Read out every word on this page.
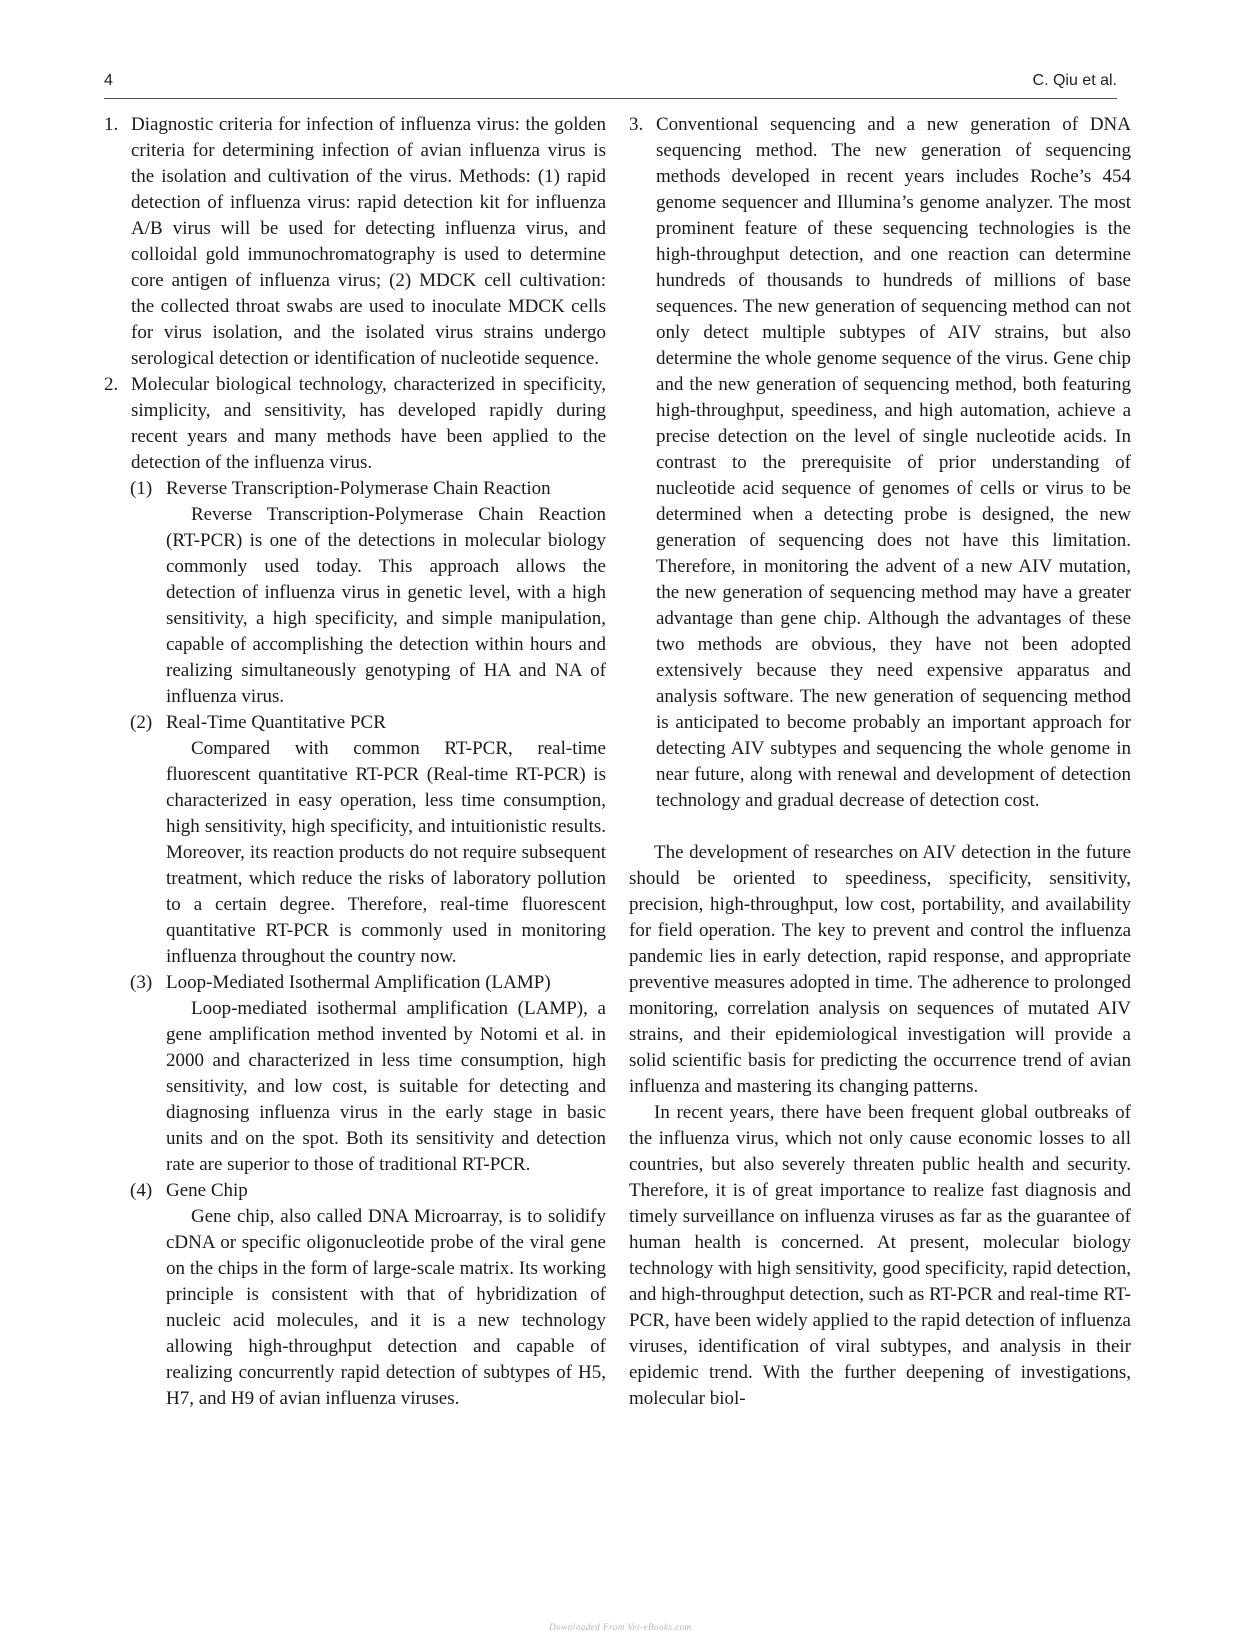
4	C. Qiu et al.
1. Diagnostic criteria for infection of influenza virus: the golden criteria for determining infection of avian influenza virus is the isolation and cultivation of the virus. Methods: (1) rapid detection of influenza virus: rapid detection kit for influenza A/B virus will be used for detecting influenza virus, and colloidal gold immunochromatography is used to determine core antigen of influenza virus; (2) MDCK cell cultivation: the collected throat swabs are used to inoculate MDCK cells for virus isolation, and the isolated virus strains undergo serological detection or identification of nucleotide sequence.
2. Molecular biological technology, characterized in specificity, simplicity, and sensitivity, has developed rapidly during recent years and many methods have been applied to the detection of the influenza virus.
(1) Reverse Transcription-Polymerase Chain Reaction

Reverse Transcription-Polymerase Chain Reaction (RT-PCR) is one of the detections in molecular biology commonly used today. This approach allows the detection of influenza virus in genetic level, with a high sensitivity, a high specificity, and simple manipulation, capable of accomplishing the detection within hours and realizing simultaneously genotyping of HA and NA of influenza virus.

(2) Real-Time Quantitative PCR

Compared with common RT-PCR, real-time fluorescent quantitative RT-PCR (Real-time RT-PCR) is characterized in easy operation, less time consumption, high sensitivity, high specificity, and intuitionistic results. Moreover, its reaction products do not require subsequent treatment, which reduce the risks of laboratory pollution to a certain degree. Therefore, real-time fluorescent quantitative RT-PCR is commonly used in monitoring influenza throughout the country now.

(3) Loop-Mediated Isothermal Amplification (LAMP)

Loop-mediated isothermal amplification (LAMP), a gene amplification method invented by Notomi et al. in 2000 and characterized in less time consumption, high sensitivity, and low cost, is suitable for detecting and diagnosing influenza virus in the early stage in basic units and on the spot. Both its sensitivity and detection rate are superior to those of traditional RT-PCR.

(4) Gene Chip

Gene chip, also called DNA Microarray, is to solidify cDNA or specific oligonucleotide probe of the viral gene on the chips in the form of large-scale matrix. Its working principle is consistent with that of hybridization of nucleic acid molecules, and it is a new technology allowing high-throughput detection and capable of realizing concurrently rapid detection of subtypes of H5, H7, and H9 of avian influenza viruses.

3. Conventional sequencing and a new generation of DNA sequencing method. The new generation of sequencing methods developed in recent years includes Roche’s 454 genome sequencer and Illumina’s genome analyzer. The most prominent feature of these sequencing technologies is the high-throughput detection, and one reaction can determine hundreds of thousands to hundreds of millions of base sequences. The new generation of sequencing method can not only detect multiple subtypes of AIV strains, but also determine the whole genome sequence of the virus. Gene chip and the new generation of sequencing method, both featuring high-throughput, speediness, and high automation, achieve a precise detection on the level of single nucleotide acids. In contrast to the prerequisite of prior understanding of nucleotide acid sequence of genomes of cells or virus to be determined when a detecting probe is designed, the new generation of sequencing does not have this limitation. Therefore, in monitoring the advent of a new AIV mutation, the new generation of sequencing method may have a greater advantage than gene chip. Although the advantages of these two methods are obvious, they have not been adopted extensively because they need expensive apparatus and analysis software. The new generation of sequencing method is anticipated to become probably an important approach for detecting AIV subtypes and sequencing the whole genome in near future, along with renewal and development of detection technology and gradual decrease of detection cost.

The development of researches on AIV detection in the future should be oriented to speediness, specificity, sensitivity, precision, high-throughput, low cost, portability, and availability for field operation. The key to prevent and control the influenza pandemic lies in early detection, rapid response, and appropriate preventive measures adopted in time. The adherence to prolonged monitoring, correlation analysis on sequences of mutated AIV strains, and their epidemiological investigation will provide a solid scientific basis for predicting the occurrence trend of avian influenza and mastering its changing patterns.

In recent years, there have been frequent global outbreaks of the influenza virus, which not only cause economic losses to all countries, but also severely threaten public health and security. Therefore, it is of great importance to realize fast diagnosis and timely surveillance on influenza viruses as far as the guarantee of human health is concerned. At present, molecular biology technology with high sensitivity, good specificity, rapid detection, and high-throughput detection, such as RT-PCR and real-time RT-PCR, have been widely applied to the rapid detection of influenza viruses, identification of viral subtypes, and analysis in their epidemic trend. With the further deepening of investigations, molecular biol-

Downloaded From Vet-eBooks.com
